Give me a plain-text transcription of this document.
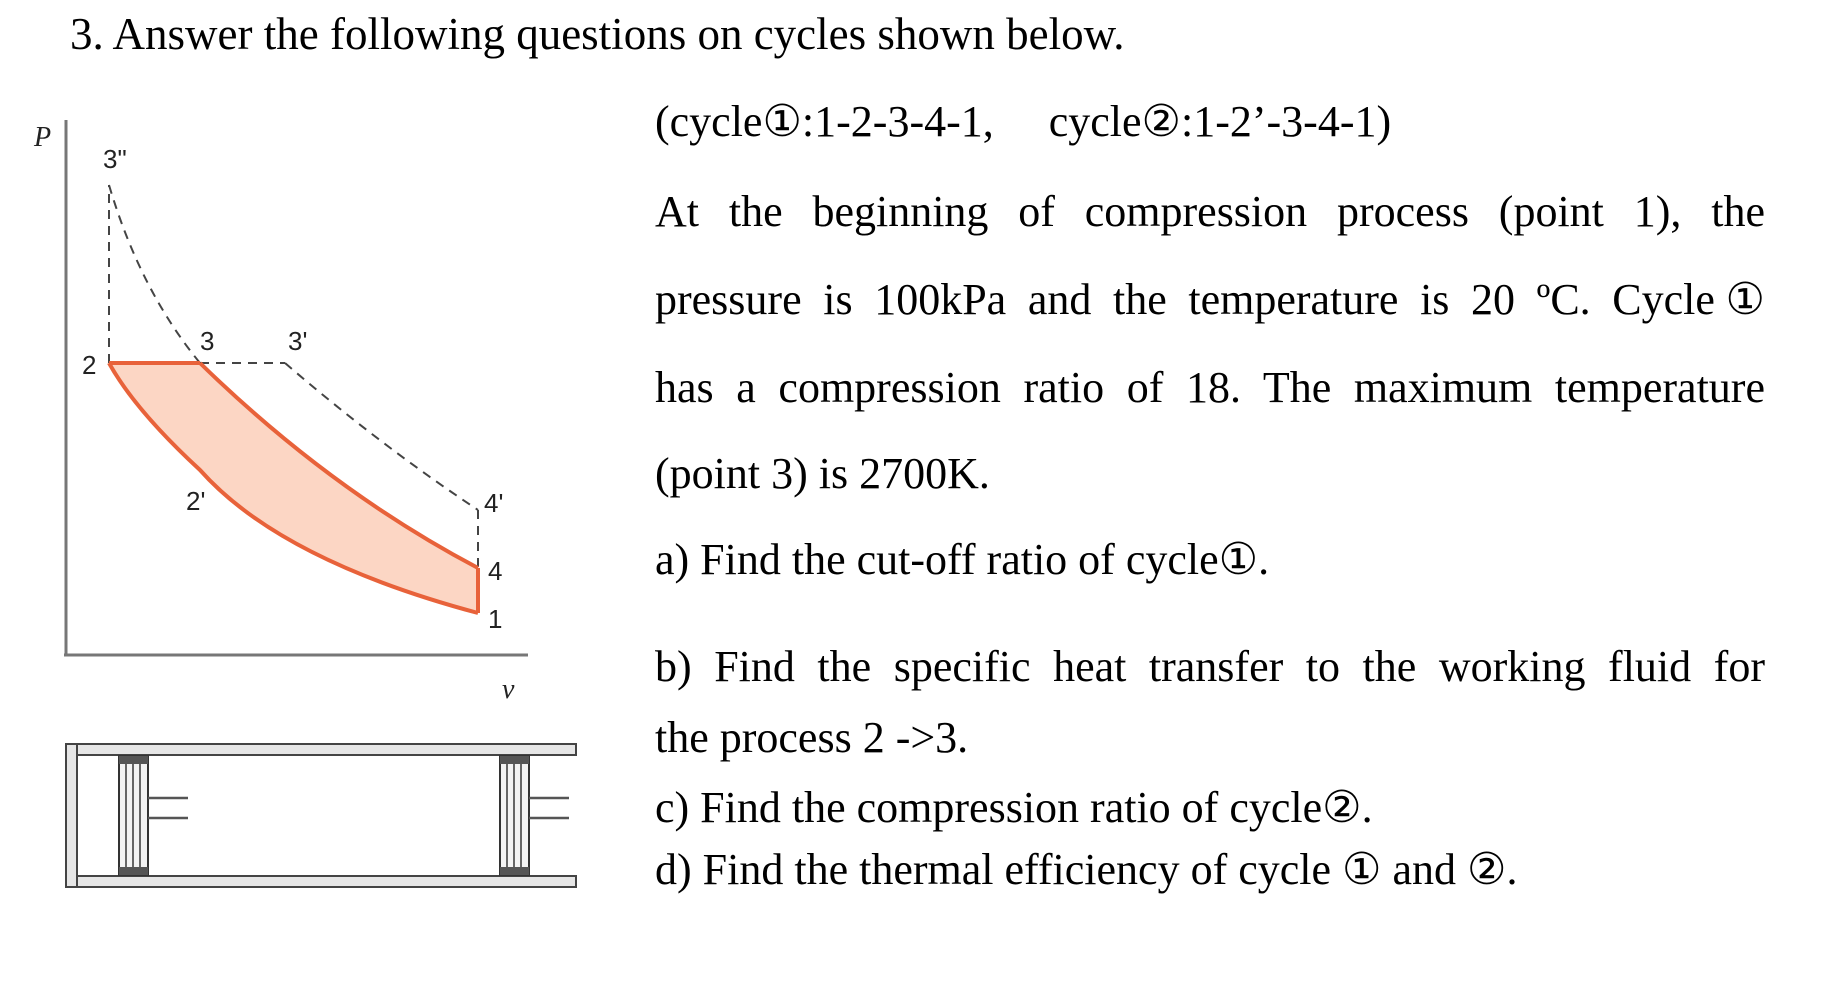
3. Answer the following questions on cycles shown below.
P
v
3"
2
3	3'
2'	4'
4
1
(cycle①:1-2-3-4-1,  cycle②:1-2’-3-4-1)
At the beginning of compression process (point 1), the
pressure is 100kPa and the temperature is 20 ºC. Cycle①
has a compression ratio of 18. The maximum temperature
(point 3) is 2700K.
a) Find the cut-off ratio of cycle①.
b) Find the specific heat transfer to the working fluid for
the process 2 ->3.
c) Find the compression ratio of cycle②.
d) Find the thermal efficiency of cycle ① and ②.
